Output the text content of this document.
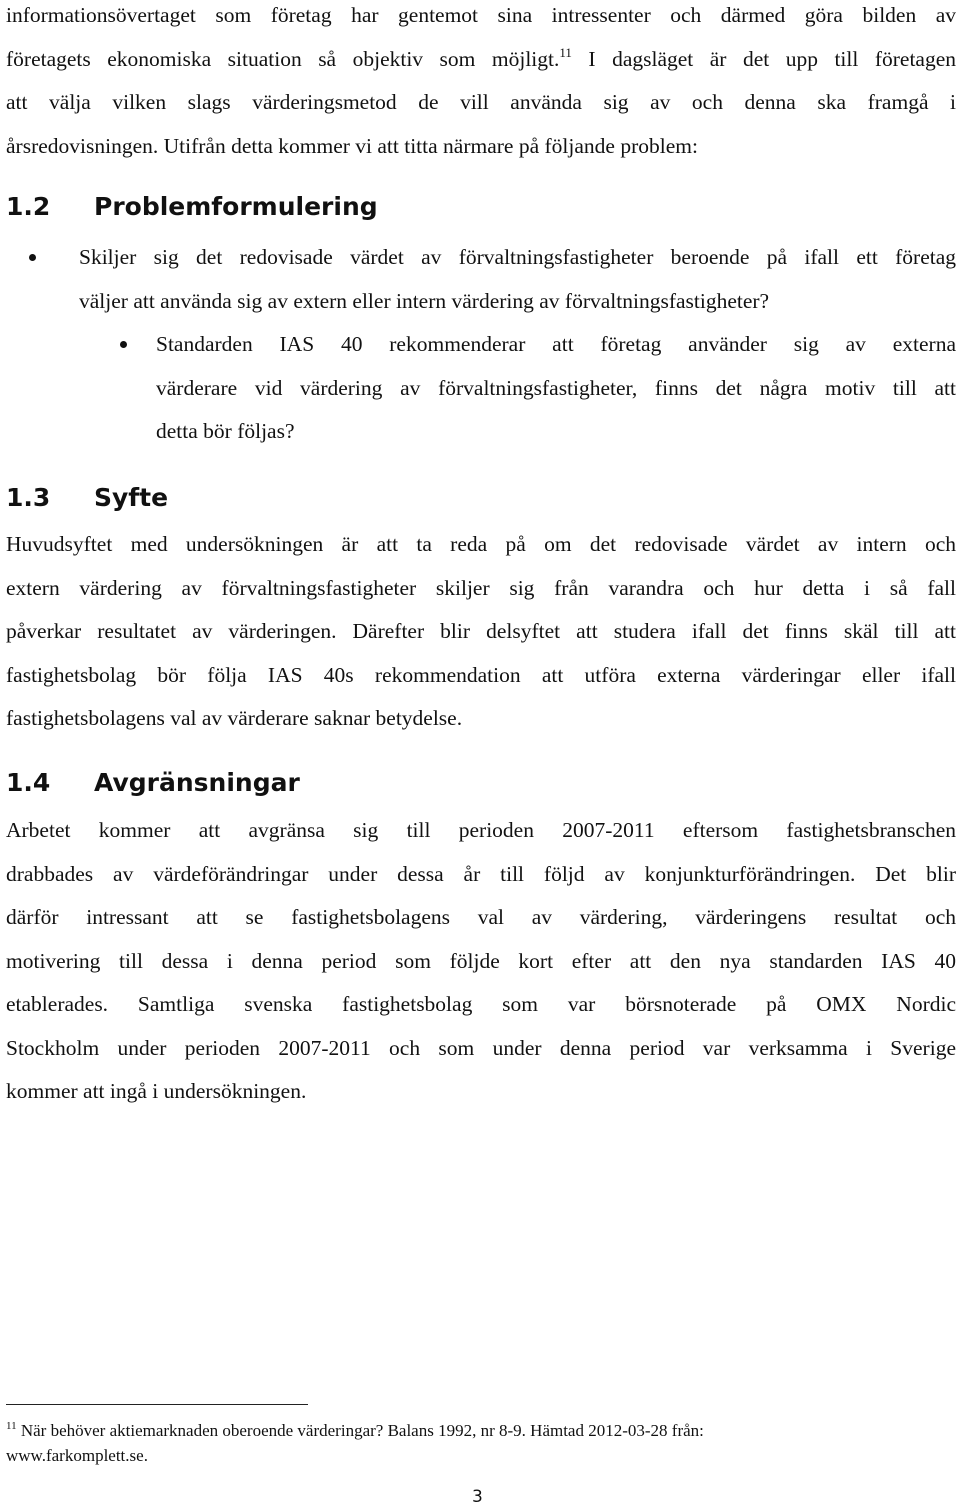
informationsövertaget som företag har gentemot sina intressenter och därmed göra bilden av
företagets ekonomiska situation så objektiv som möjligt.$^{11}$ I dagsläget är det upp till företagen
att välja vilken slags värderingsmetod de vill använda sig av och denna ska framgå i
årsredovisningen. Utifrån detta kommer vi att titta närmare på följande problem:
1.2 Problemformulering
Skiljer sig det redovisade värdet av förvaltningsfastigheter beroende på ifall ett företag
väljer att använda sig av extern eller intern värdering av förvaltningsfastigheter?
Standarden IAS 40 rekommenderar att företag använder sig av externa
värderare vid värdering av förvaltningsfastigheter, finns det några motiv till att
detta bör följas?
1.3 Syfte
Huvudsyftet med undersökningen är att ta reda på om det redovisade värdet av intern och
extern värdering av förvaltningsfastigheter skiljer sig från varandra och hur detta i så fall
påverkar resultatet av värderingen. Därefter blir delsyftet att studera ifall det finns skäl till att
fastighetsbolag bör följa IAS 40s rekommendation att utföra externa värderingar eller ifall
fastighetsbolagens val av värderare saknar betydelse.
1.4 Avgränsningar
Arbetet kommer att avgränsa sig till perioden 2007-2011 eftersom fastighetsbranschen
drabbades av värdeförändringar under dessa år till följd av konjunkturförändringen. Det blir
därför intressant att se fastighetsbolagens val av värdering, värderingens resultat och
motivering till dessa i denna period som följde kort efter att den nya standarden IAS 40
etablerades. Samtliga svenska fastighetsbolag som var börsnoterade på OMX Nordic
Stockholm under perioden 2007-2011 och som under denna period var verksamma i Sverige
kommer att ingå i undersökningen.

$^{11}$ När behöver aktiemarknaden oberoende värderingar? Balans 1992, nr 8-9. Hämtad 2012-03-28 från:
www.farkomplett.se.

3
